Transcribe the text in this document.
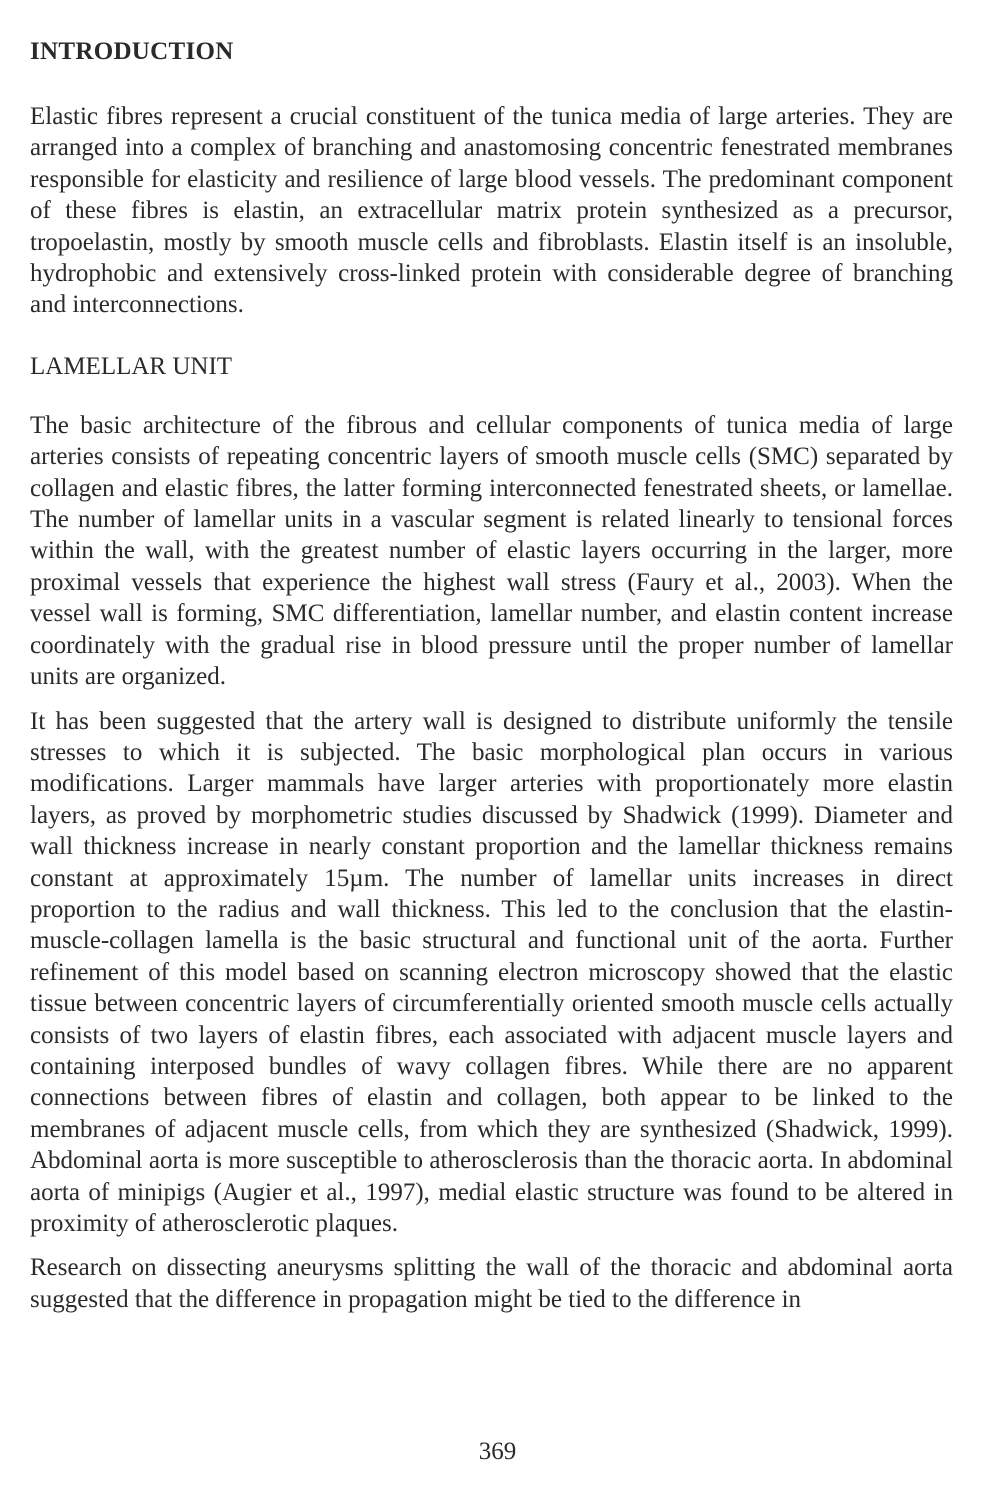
INTRODUCTION

Elastic fibres represent a crucial constituent of the tunica media of large arteries. They are arranged into a complex of branching and anastomosing concentric fenestrated membranes responsible for elasticity and resilience of large blood vessels. The predominant component of these fibres is elastin, an extracellular matrix protein synthesized as a precursor, tropoelastin, mostly by smooth muscle cells and fibroblasts. Elastin itself is an insoluble, hydrophobic and extensively cross-linked protein with considerable degree of branching and interconnections.

LAMELLAR UNIT

The basic architecture of the fibrous and cellular components of tunica media of large arteries consists of repeating concentric layers of smooth muscle cells (SMC) separated by collagen and elastic fibres, the latter forming interconnected fenestrated sheets, or lamellae. The number of lamellar units in a vascular segment is related linearly to tensional forces within the wall, with the greatest number of elastic layers occurring in the larger, more proximal vessels that experience the highest wall stress (Faury et al., 2003). When the vessel wall is forming, SMC differentiation, lamellar number, and elastin content increase coordinately with the gradual rise in blood pressure until the proper number of lamellar units are organized.

It has been suggested that the artery wall is designed to distribute uniformly the tensile stresses to which it is subjected. The basic morphological plan occurs in various modifications. Larger mammals have larger arteries with proportionately more elastin layers, as proved by morphometric studies discussed by Shadwick (1999). Diameter and wall thickness increase in nearly constant proportion and the lamellar thickness remains constant at approximately 15µm. The number of lamellar units increases in direct proportion to the radius and wall thickness. This led to the conclusion that the elastin-muscle-collagen lamella is the basic structural and functional unit of the aorta. Further refinement of this model based on scanning electron microscopy showed that the elastic tissue between concentric layers of circumferentially oriented smooth muscle cells actually consists of two layers of elastin fibres, each associated with adjacent muscle layers and containing interposed bundles of wavy collagen fibres. While there are no apparent connections between fibres of elastin and collagen, both appear to be linked to the membranes of adjacent muscle cells, from which they are synthesized (Shadwick, 1999). Abdominal aorta is more susceptible to atherosclerosis than the thoracic aorta. In abdominal aorta of minipigs (Augier et al., 1997), medial elastic structure was found to be altered in proximity of atherosclerotic plaques.

Research on dissecting aneurysms splitting the wall of the thoracic and abdominal aorta suggested that the difference in propagation might be tied to the difference in

369
